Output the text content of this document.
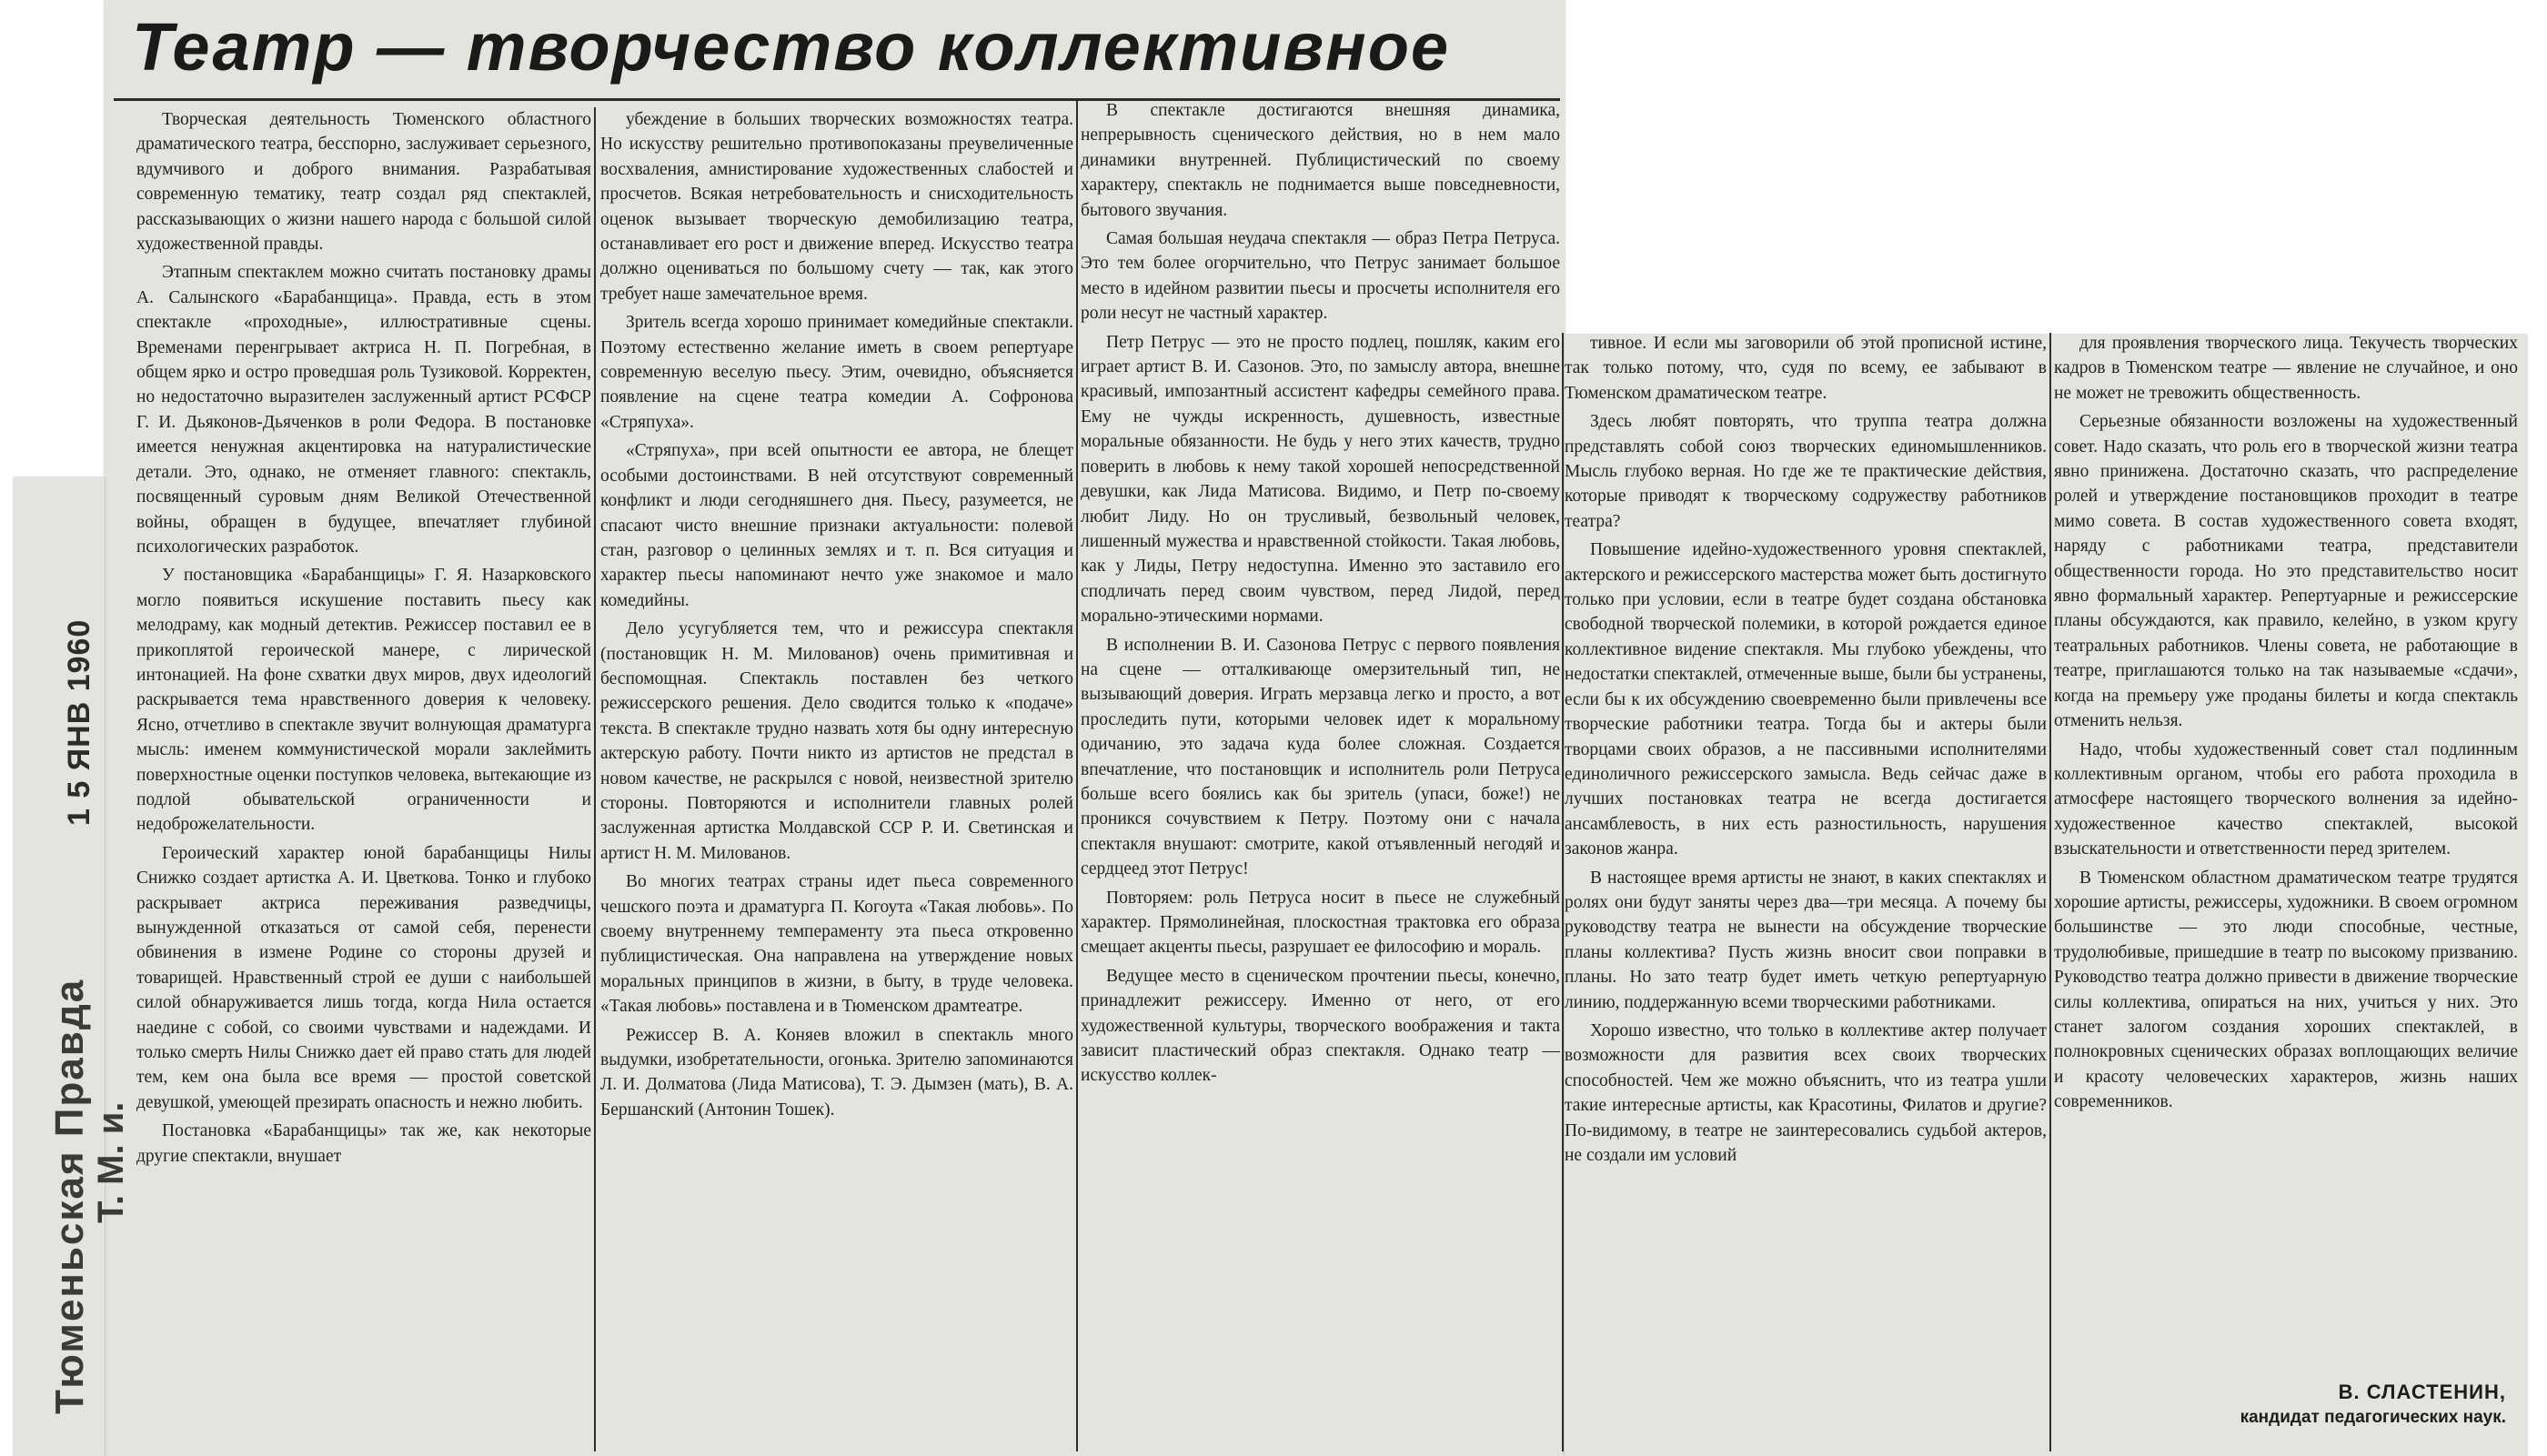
Театр — творчество коллективное

Творческая деятельность Тюменского областного драматического театра, бесспорно, заслуживает серьезного, вдумчивого и доброго внимания. Разрабатывая современную тематику, театр создал ряд спектаклей, рассказывающих о жизни нашего народа с большой силой художественной правды.

Этапным спектаклем можно считать постановку драмы А. Салынского «Барабанщица». Правда, есть в этом спектакле «проходные», иллюстративные сцены. Временами перенгрывает актриса Н. П. Погребная, в общем ярко и остро проведшая роль Тузиковой. Корректен, но недостаточно выразителен заслуженный артист РСФСР Г. И. Дьяконов-Дьяченков в роли Федора. В постановке имеется ненужная акцентировка на натуралистические детали. Это, однако, не отменяет главного: спектакль, посвященный суровым дням Великой Отечественной войны, обращен в будущее, впечатляет глубиной психологических разработок.

У постановщика «Барабанщицы» Г. Я. Назарковского могло появиться искушение поставить пьесу как мелодраму, как модный детектив. Режиссер поставил ее в прикоплятой героической манере, с лирической интонацией. На фоне схватки двух миров, двух идеологий раскрывается тема нравственного доверия к человеку. Ясно, отчетливо в спектакле звучит волнующая драматурга мысль: именем коммунистической морали заклеймить поверхностные оценки поступков человека, вытекающие из подлой обывательской ограниченности и недоброжелательности.

Героический характер юной барабанщицы Нилы Снижко создает артистка А. И. Цветкова. Тонко и глубоко раскрывает актриса переживания разведчицы, вынужденной отказаться от самой себя, перенести обвинения в измене Родине со стороны друзей и товарищей. Нравственный строй ее души с наибольшей силой обнаруживается лишь тогда, когда Нила остается наедине с собой, со своими чувствами и надеждами. И только смерть Нилы Снижко дает ей право стать для людей тем, кем она была все время — простой советской девушкой, умеющей презирать опасность и нежно любить.

Постановка «Барабанщицы» так же, как некоторые другие спектакли, внушает

убеждение в больших творческих возможностях театра. Но искусству решительно противопоказаны преувеличенные восхваления, амнистирование художественных слабостей и просчетов. Всякая нетребовательность и снисходительность оценок вызывает творческую демобилизацию театра, останавливает его рост и движение вперед. Искусство театра должно оцениваться по большому счету — так, как этого требует наше замечательное время.

Зритель всегда хорошо принимает комедийные спектакли. Поэтому естественно желание иметь в своем репертуаре современную веселую пьесу. Этим, очевидно, объясняется появление на сцене театра комедии А. Софронова «Стряпуха».

«Стряпуха», при всей опытности ее автора, не блещет особыми достоинствами. В ней отсутствуют современный конфликт и люди сегодняшнего дня. Пьесу, разумеется, не спасают чисто внешние признаки актуальности: полевой стан, разговор о целинных землях и т. п. Вся ситуация и характер пьесы напоминают нечто уже знакомое и мало комедийны.

Дело усугубляется тем, что и режиссура спектакля (постановщик Н. М. Милованов) очень примитивная и беспомощная. Спектакль поставлен без четкого режиссерского решения. Дело сводится только к «подаче» текста. В спектакле трудно назвать хотя бы одну интересную актерскую работу. Почти никто из артистов не предстал в новом качестве, не раскрылся с новой, неизвестной зрителю стороны. Повторяются и исполнители главных ролей заслуженная артистка Молдавской ССР Р. И. Светинская и артист Н. М. Милованов.

Во многих театрах страны идет пьеса современного чешского поэта и драматурга П. Когоута «Такая любовь». По своему внутреннему темпераменту эта пьеса откровенно публицистическая. Она направлена на утверждение новых моральных принципов в жизни, в быту, в труде человека. «Такая любовь» поставлена и в Тюменском драмтеатре.

Режиссер В. А. Коняев вложил в спектакль много выдумки, изобретательности, огонька. Зрителю запоминаются Л. И. Долматова (Лида Матисова), Т. Э. Дымзен (мать), В. А. Бершанский (Антонин Тошек).

В спектакле достигаются внешняя динамика, непрерывность сценического действия, но в нем мало динамики внутренней. Публицистический по своему характеру, спектакль не поднимается выше повседневности, бытового звучания.

Самая большая неудача спектакля — образ Петра Петруса. Это тем более огорчительно, что Петрус занимает большое место в идейном развитии пьесы и просчеты исполнителя его роли несут не частный характер.

Петр Петрус — это не просто подлец, пошляк, каким его играет артист В. И. Сазонов. Это, по замыслу автора, внешне красивый, импозантный ассистент кафедры семейного права. Ему не чужды искренность, душевность, известные моральные обязанности. Не будь у него этих качеств, трудно поверить в любовь к нему такой хорошей непосредственной девушки, как Лида Матисова. Видимо, и Петр по-своему любит Лиду. Но он трусливый, безвольный человек, лишенный мужества и нравственной стойкости. Такая любовь, как у Лиды, Петру недоступна. Именно это заставило его сподличать перед своим чувством, перед Лидой, перед морально-этическими нормами.

В исполнении В. И. Сазонова Петрус с первого появления на сцене — отталкивающе омерзительный тип, не вызывающий доверия. Играть мерзавца легко и просто, а вот проследить пути, которыми человек идет к моральному одичанию, это задача куда более сложная. Создается впечатление, что постановщик и исполнитель роли Петруса больше всего боялись как бы зритель (упаси, боже!) не проникся сочувствием к Петру. Поэтому они с начала спектакля внушают: смотрите, какой отъявленный негодяй и сердцеед этот Петрус!

Повторяем: роль Петруса носит в пьесе не служебный характер. Прямолинейная, плоскостная трактовка его образа смещает акценты пьесы, разрушает ее философию и мораль.

Ведущее место в сценическом прочтении пьесы, конечно, принадлежит режиссеру. Именно от него, от его художественной культуры, творческого воображения и такта зависит пластический образ спектакля. Однако театр — искусство коллек-

тивное. И если мы заговорили об этой прописной истине, так только потому, что, судя по всему, ее забывают в Тюменском драматическом театре.

Здесь любят повторять, что труппа театра должна представлять собой союз творческих единомышленников. Мысль глубоко верная. Но где же те практические действия, которые приводят к творческому содружеству работников театра?

Повышение идейно-художественного уровня спектаклей, актерского и режиссерского мастерства может быть достигнуто только при условии, если в театре будет создана обстановка свободной творческой полемики, в которой рождается единое коллективное видение спектакля. Мы глубоко убеждены, что недостатки спектаклей, отмеченные выше, были бы устранены, если бы к их обсуждению своевременно были привлечены все творческие работники театра. Тогда бы и актеры были творцами своих образов, а не пассивными исполнителями единоличного режиссерского замысла. Ведь сейчас даже в лучших постановках театра не всегда достигается ансамблевость, в них есть разностильность, нарушения законов жанра.

В настоящее время артисты не знают, в каких спектаклях и ролях они будут заняты через два—три месяца. А почему бы руководству театра не вынести на обсуждение творческие планы коллектива? Пусть жизнь вносит свои поправки в планы. Но зато театр будет иметь четкую репертуарную линию, поддержанную всеми творческими работниками.

Хорошо известно, что только в коллективе актер получает возможности для развития всех своих творческих способностей. Чем же можно объяснить, что из театра ушли такие интересные артисты, как Красотины, Филатов и другие? По-видимому, в театре не заинтересовались судьбой актеров, не создали им условий

для проявления творческого лица. Текучесть творческих кадров в Тюменском театре — явление не случайное, и оно не может не тревожить общественность.

Серьезные обязанности возложены на художественный совет. Надо сказать, что роль его в творческой жизни театра явно принижена. Достаточно сказать, что распределение ролей и утверждение постановщиков проходит в театре мимо совета. В состав художественного совета входят, наряду с работниками театра, представители общественности города. Но это представительство носит явно формальный характер. Репертуарные и режиссерские планы обсуждаются, как правило, келейно, в узком кругу театральных работников. Члены совета, не работающие в театре, приглашаются только на так называемые «сдачи», когда на премьеру уже проданы билеты и когда спектакль отменить нельзя.

Надо, чтобы художественный совет стал подлинным коллективным органом, чтобы его работа проходила в атмосфере настоящего творческого волнения за идейно-художественное качество спектаклей, высокой взыскательности и ответственности перед зрителем.

В Тюменском областном драматическом театре трудятся хорошие артисты, режиссеры, художники. В своем огромном большинстве — это люди способные, честные, трудолюбивые, пришедшие в театр по высокому призванию. Руководство театра должно привести в движение творческие силы коллектива, опираться на них, учиться у них. Это станет залогом создания хороших спектаклей, в полнокровных сценических образах воплощающих величие и красоту человеческих характеров, жизнь наших современников.

В. СЛАСТЕНИН,
кандидат педагогических наук.
Тюменьская Правда Т. М. и.
1 5 ЯНВ 1960
